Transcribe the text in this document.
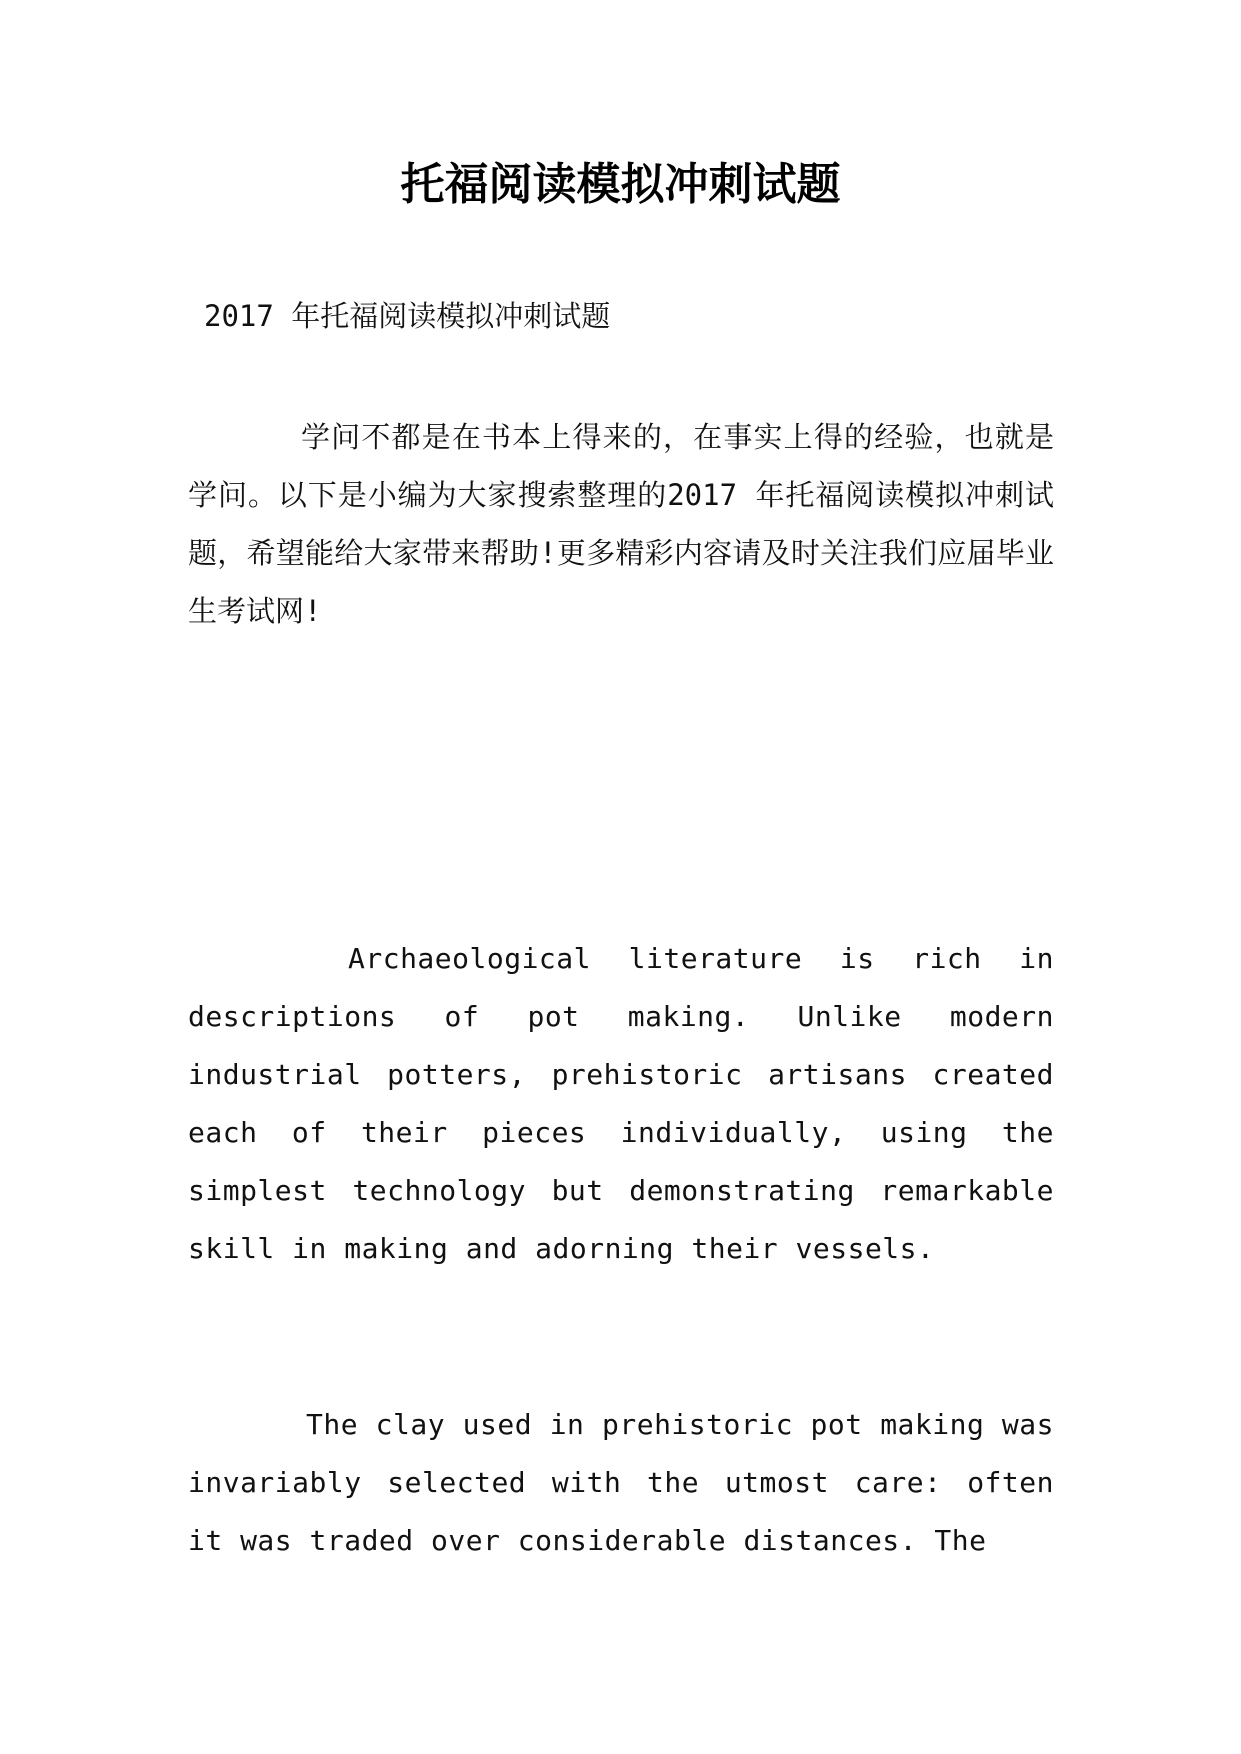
托福阅读模拟冲刺试题
2017 年托福阅读模拟冲刺试题

学问不都是在书本上得来的，在事实上得的经验，也就是学问。以下是小编为大家搜索整理的2017 年托福阅读模拟冲刺试题，希望能给大家带来帮助!更多精彩内容请及时关注我们应届毕业生考试网!

Archaeological literature is rich in descriptions of pot making. Unlike modern industrial potters, prehistoric artisans created each of their pieces individually, using the simplest technology but demonstrating remarkable skill in making and adorning their vessels.

The clay used in prehistoric pot making was invariably selected with the utmost care: often it was traded over considerable distances. The
